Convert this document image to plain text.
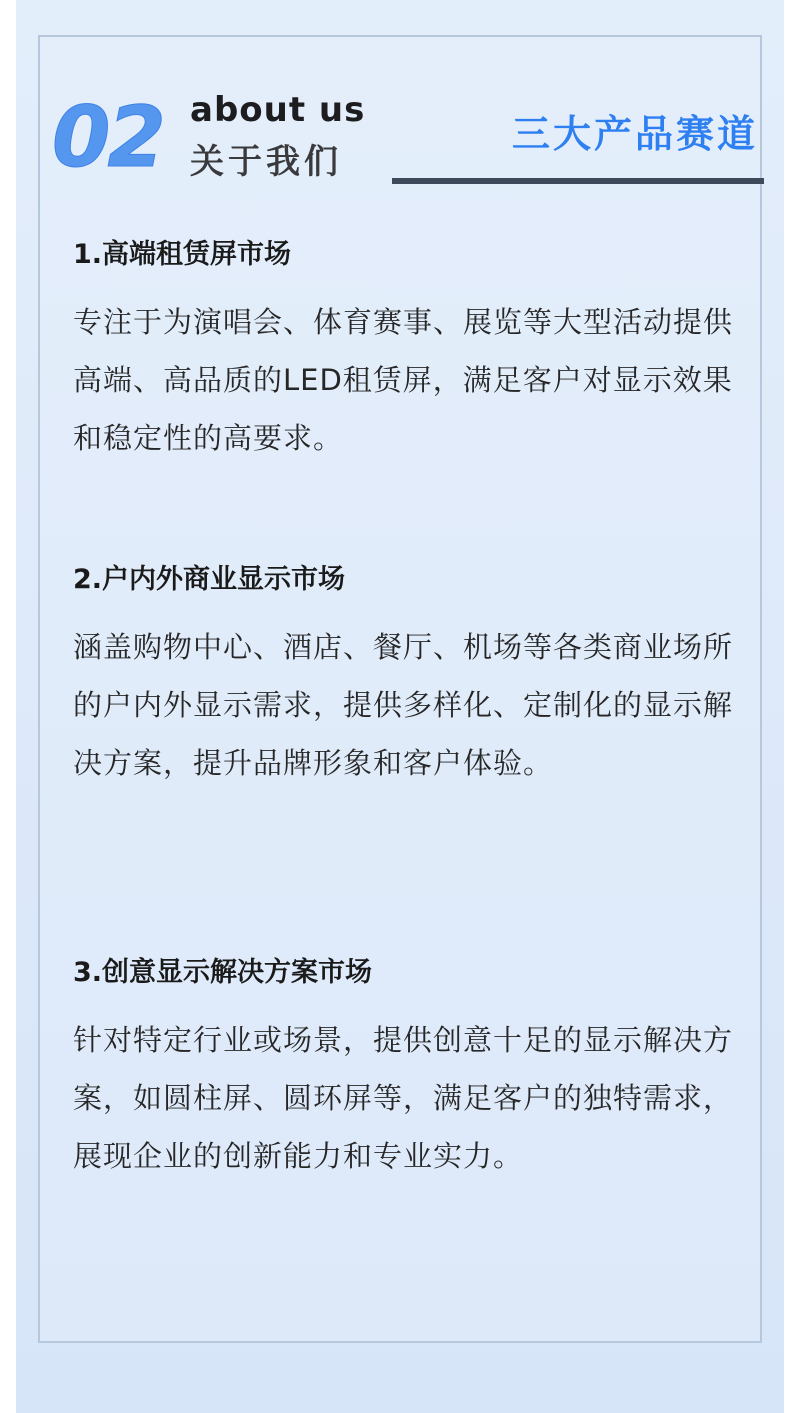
02 about us
关于我们
三大产品赛道

1.高端租赁屏市场

专注于为演唱会、体育赛事、展览等大型活动提供高端、高品质的LED租赁屏，满足客户对显示效果和稳定性的高要求。

2.户内外商业显示市场

涵盖购物中心、酒店、餐厅、机场等各类商业场所的户内外显示需求，提供多样化、定制化的显示解决方案，提升品牌形象和客户体验。

3.创意显示解决方案市场

针对特定行业或场景，提供创意十足的显示解决方案，如圆柱屏、圆环屏等，满足客户的独特需求，展现企业的创新能力和专业实力。
